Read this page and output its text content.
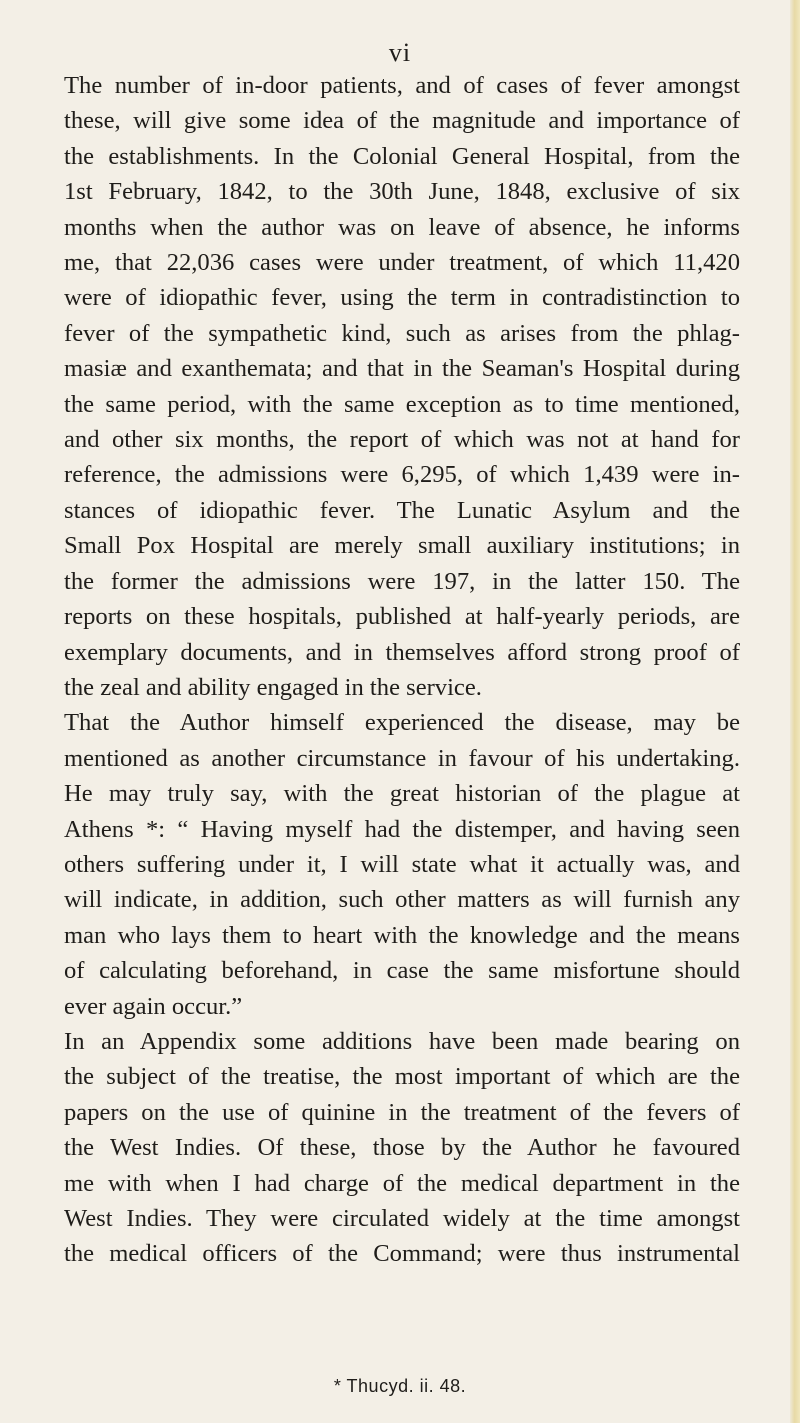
vi
The number of in-door patients, and of cases of fever amongst
these, will give some idea of the magnitude and importance of
the establishments. In the Colonial General Hospital, from the
1st February, 1842, to the 30th June, 1848, exclusive of six
months when the author was on leave of absence, he informs
me, that 22,036 cases were under treatment, of which 11,420
were of idiopathic fever, using the term in contradistinction to
fever of the sympathetic kind, such as arises from the phlag-
masiæ and exanthemata; and that in the Seaman's Hospital during
the same period, with the same exception as to time mentioned,
and other six months, the report of which was not at hand for
reference, the admissions were 6,295, of which 1,439 were in-
stances of idiopathic fever. The Lunatic Asylum and the
Small Pox Hospital are merely small auxiliary institutions; in
the former the admissions were 197, in the latter 150. The
reports on these hospitals, published at half-yearly periods, are
exemplary documents, and in themselves afford strong proof of
the zeal and ability engaged in the service.
That the Author himself experienced the disease, may be
mentioned as another circumstance in favour of his undertaking.
He may truly say, with the great historian of the plague at
Athens *: “ Having myself had the distemper, and having seen
others suffering under it, I will state what it actually was, and
will indicate, in addition, such other matters as will furnish any
man who lays them to heart with the knowledge and the means
of calculating beforehand, in case the same misfortune should
ever again occur.”
In an Appendix some additions have been made bearing on
the subject of the treatise, the most important of which are the
papers on the use of quinine in the treatment of the fevers of
the West Indies. Of these, those by the Author he favoured
me with when I had charge of the medical department in the
West Indies. They were circulated widely at the time amongst
the medical officers of the Command; were thus instrumental
* Thucyd. ii. 48.
